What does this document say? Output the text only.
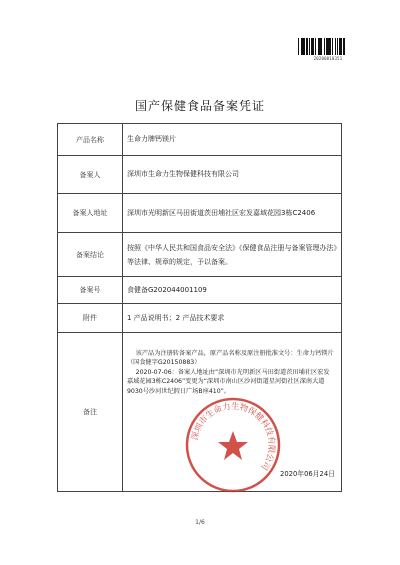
20200810351
国产保健食品备案凭证
产品名称	生命力牌钙镁片
备案人	深圳市生命力生物保健科技有限公司
备案人地址	深圳市光明新区马田街道茨田埔社区宏发嘉域花园3栋C2406
备案结论	按照《中华人民共和国食品安全法》《保健食品注册与备案管理办法》等法律、规章的规定，予以备案。
备案号	食健备G202044001109
附件	1 产品说明书；2 产品技术要求
备注	该产品为注册转备案产品，原产品名称及原注册批准文号：生命力钙镁片（国食健字G20150883）

2020-07-06：备案人地址由“深圳市光明新区马田街道茨田埔社区宏发嘉域花园3栋C2406”变更为“深圳市南山区沙河街道星河街社区深南大道9030号沙河世纪假日广场B座410”。

深圳市生命力生物保健科技有限公司
2020年06月24日
1/6
